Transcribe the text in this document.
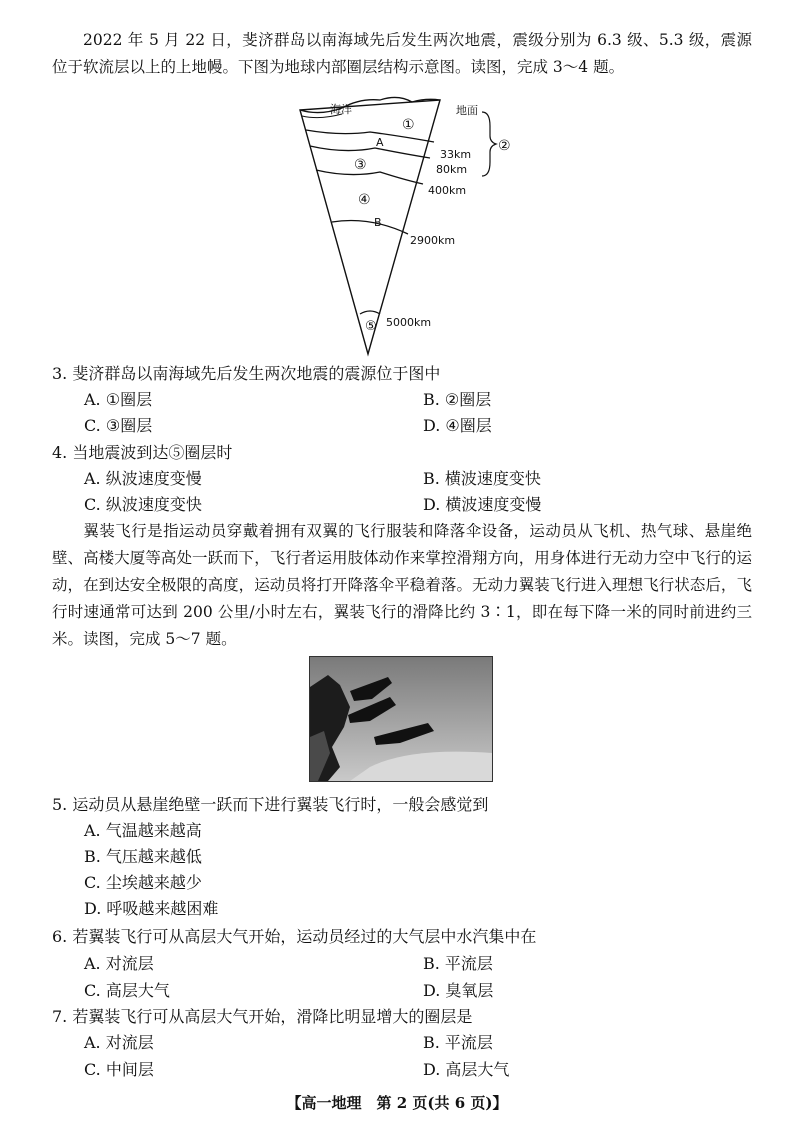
2022 年 5 月 22 日，斐济群岛以南海域先后发生两次地震，震级分别为 6.3 级、5.3 级，震源位于软流层以上的上地幔。下图为地球内部圈层结构示意图。读图，完成 3～4 题。
海洋	地面
①
②
③
④
⑤
A
B
33km
80km
400km
2900km
5000km
3. 斐济群岛以南海域先后发生两次地震的震源位于图中
A. ①圈层	B. ②圈层
C. ③圈层	D. ④圈层
4. 当地震波到达⑤圈层时
A. 纵波速度变慢	B. 横波速度变快
C. 纵波速度变快	D. 横波速度变慢
翼装飞行是指运动员穿戴着拥有双翼的飞行服装和降落伞设备，运动员从飞机、热气球、悬崖绝壁、高楼大厦等高处一跃而下，飞行者运用肢体动作来掌控滑翔方向，用身体进行无动力空中飞行的运动，在到达安全极限的高度，运动员将打开降落伞平稳着落。无动力翼装飞行进入理想飞行状态后，飞行时速通常可达到 200 公里/小时左右，翼装飞行的滑降比约 3∶1，即在每下降一米的同时前进约三米。读图，完成 5～7 题。
5. 运动员从悬崖绝壁一跃而下进行翼装飞行时，一般会感觉到
A. 气温越来越高
B. 气压越来越低
C. 尘埃越来越少
D. 呼吸越来越困难
6. 若翼装飞行可从高层大气开始，运动员经过的大气层中水汽集中在
A. 对流层	B. 平流层
C. 高层大气	D. 臭氧层
7. 若翼装飞行可从高层大气开始，滑降比明显增大的圈层是
A. 对流层	B. 平流层
C. 中间层	D. 高层大气
【高一地理　第 2 页(共 6 页)】
